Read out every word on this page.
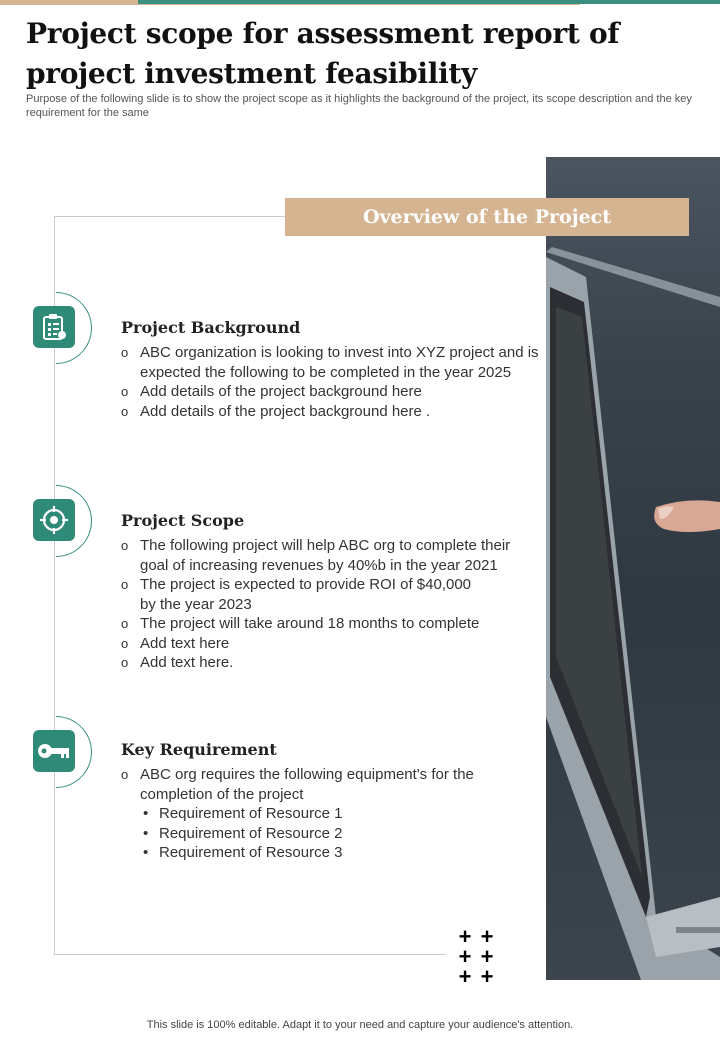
Project scope for assessment report of project investment feasibility

Purpose of the following slide is to show the project scope as it highlights the background of the project, its scope description and the key requirement for the same

Overview of the Project
Project Background
o ABC organization is looking to invest into XYZ project and is expected the following to be completed in the year 2025
o Add details of the project background here
o Add details of the project background here .
Project Scope
o The following project will help ABC org to complete their goal of increasing revenues by 40%b in the year 2021
o The project is expected to provide ROI of $40,000 by the year 2023
o The project will take around 18 months to complete
o Add text here
o Add text here.
Key Requirement
o ABC org requires the following equipment's for the completion of the project
• Requirement of Resource 1
• Requirement of Resource 2
• Requirement of Resource 3
+ +
+ +
+ +
This slide is 100% editable. Adapt it to your need and capture your audience's attention.
